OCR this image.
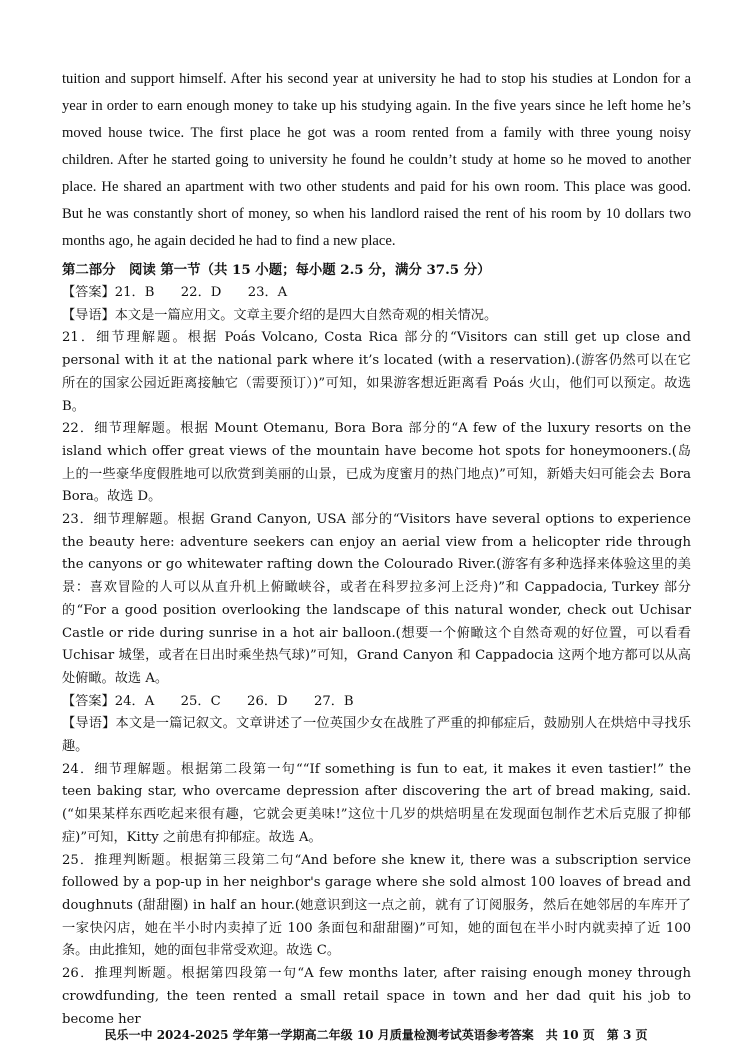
tuition and support himself. After his second year at university he had to stop his studies at London for a year in order to earn enough money to take up his studying again. In the five years since he left home he’s moved house twice. The first place he got was a room rented from a family with three young noisy children. After he started going to university he found he couldn’t study at home so he moved to another place. He shared an apartment with two other students and paid for his own room. This place was good. But he was constantly short of money, so when his landlord raised the rent of his room by 10 dollars two months ago, he again decided he had to find a new place.

第二部分　阅读 第一节（共 15 小题；每小题 2.5 分，满分 37.5 分）

【答案】21．B　　22．D　　23．A

【导语】本文是一篇应用文。文章主要介绍的是四大自然奇观的相关情况。

21．细节理解题。根据 Poás Volcano, Costa Rica 部分的“Visitors can still get up close and personal with it at the national park where it’s located (with a reservation).(游客仍然可以在它所在的国家公园近距离接触它（需要预订）)”可知，如果游客想近距离看 Poás 火山，他们可以预定。故选 B。

22．细节理解题。根据 Mount Otemanu, Bora Bora 部分的“A few of the luxury resorts on the island which offer great views of the mountain have become hot spots for honeymooners.(岛上的一些豪华度假胜地可以欣赏到美丽的山景，已成为度蜜月的热门地点)”可知，新婚夫妇可能会去 Bora Bora。故选 D。

23．细节理解题。根据 Grand Canyon, USA 部分的“Visitors have several options to experience the beauty here: adventure seekers can enjoy an aerial view from a helicopter ride through the canyons or go whitewater rafting down the Colourado River.(游客有多种选择来体验这里的美景：喜欢冒险的人可以从直升机上俯瞰峡谷，或者在科罗拉多河上泛舟)”和 Cappadocia, Turkey 部分的“For a good position overlooking the landscape of this natural wonder, check out Uchisar Castle or ride during sunrise in a hot air balloon.(想要一个俯瞰这个自然奇观的好位置，可以看看 Uchisar 城堡，或者在日出时乘坐热气球)”可知，Grand Canyon 和 Cappadocia 这两个地方都可以从高处俯瞰。故选 A。

【答案】24．A　　25．C　　26．D　　27．B

【导语】本文是一篇记叙文。文章讲述了一位英国少女在战胜了严重的抑郁症后，鼓励别人在烘焙中寻找乐趣。

24．细节理解题。根据第二段第一句““If something is fun to eat, it makes it even tastier!” the teen baking star, who overcame depression after discovering the art of bread making, said.(“如果某样东西吃起来很有趣，它就会更美味!”这位十几岁的烘焙明星在发现面包制作艺术后克服了抑郁症)”可知，Kitty 之前患有抑郁症。故选 A。

25．推理判断题。根据第三段第二句“And before she knew it, there was a subscription service followed by a pop-up in her neighbor's garage where she sold almost 100 loaves of bread and doughnuts (甜甜圈) in half an hour.(她意识到这一点之前，就有了订阅服务，然后在她邻居的车库开了一家快闪店，她在半小时内卖掉了近 100 条面包和甜甜圈)”可知，她的面包在半小时内就卖掉了近 100 条。由此推知，她的面包非常受欢迎。故选 C。

26．推理判断题。根据第四段第一句“A few months later, after raising enough money through crowdfunding, the teen rented a small retail space in town and her dad quit his job to become her

民乐一中 2024-2025 学年第一学期高二年级 10 月质量检测考试英语参考答案　共 10 页　第 3 页
